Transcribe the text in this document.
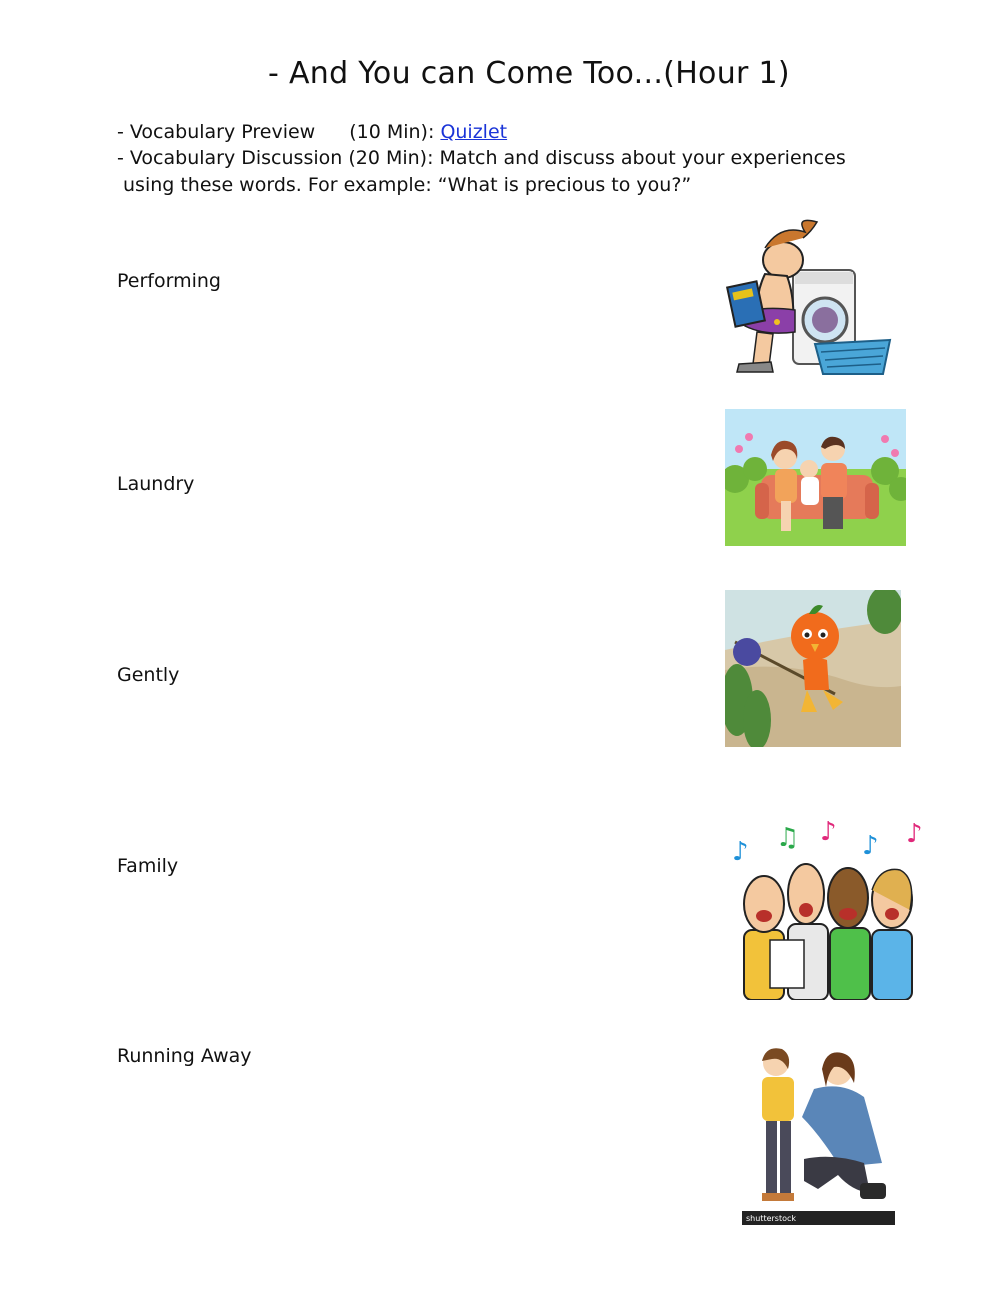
- And You can Come Too...(Hour 1)
- Vocabulary Preview (10 Min): Quizlet
- Vocabulary Discussion (20 Min): Match and discuss about your experiences
using these words. For example: “What is precious to you?”
Performing
Laundry
Gently
Family
Running Away
♪ ♫ ♪ ♪ ♪
shutterstock
